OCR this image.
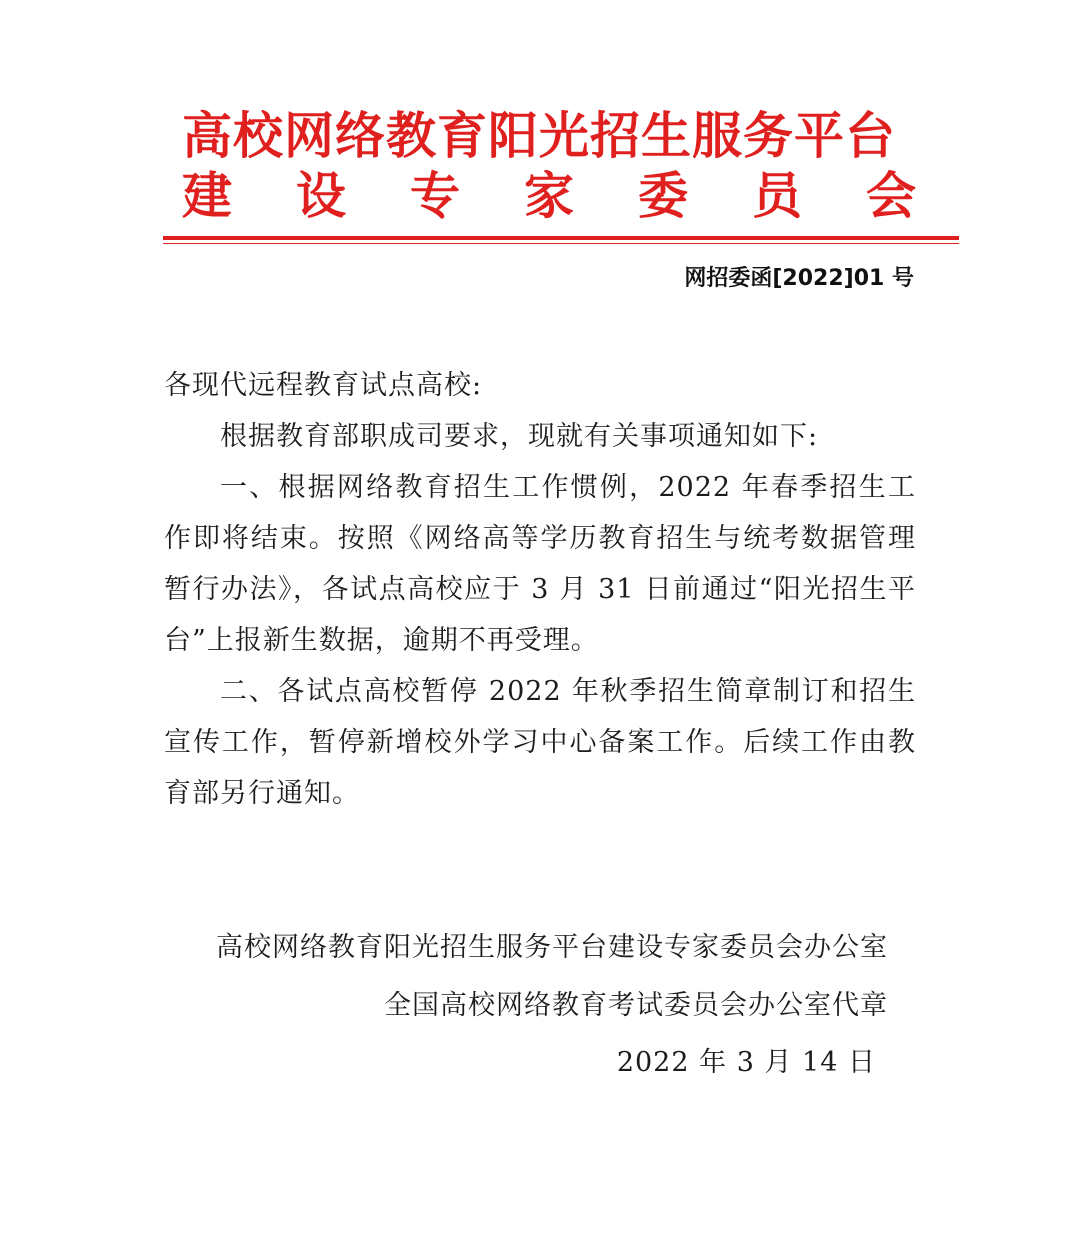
高校网络教育阳光招生服务平台
建设专家委员会
网招委函[2022]01 号

各现代远程教育试点高校:

根据教育部职成司要求，现就有关事项通知如下:

一、根据网络教育招生工作惯例，2022 年春季招生工作即将结束。按照《网络高等学历教育招生与统考数据管理暂行办法》，各试点高校应于 3 月 31 日前通过“阳光招生平台”上报新生数据，逾期不再受理。

二、各试点高校暂停 2022 年秋季招生简章制订和招生宣传工作，暂停新增校外学习中心备案工作。后续工作由教育部另行通知。

高校网络教育阳光招生服务平台建设专家委员会办公室
全国高校网络教育考试委员会办公室代章
2022 年 3 月 14 日
